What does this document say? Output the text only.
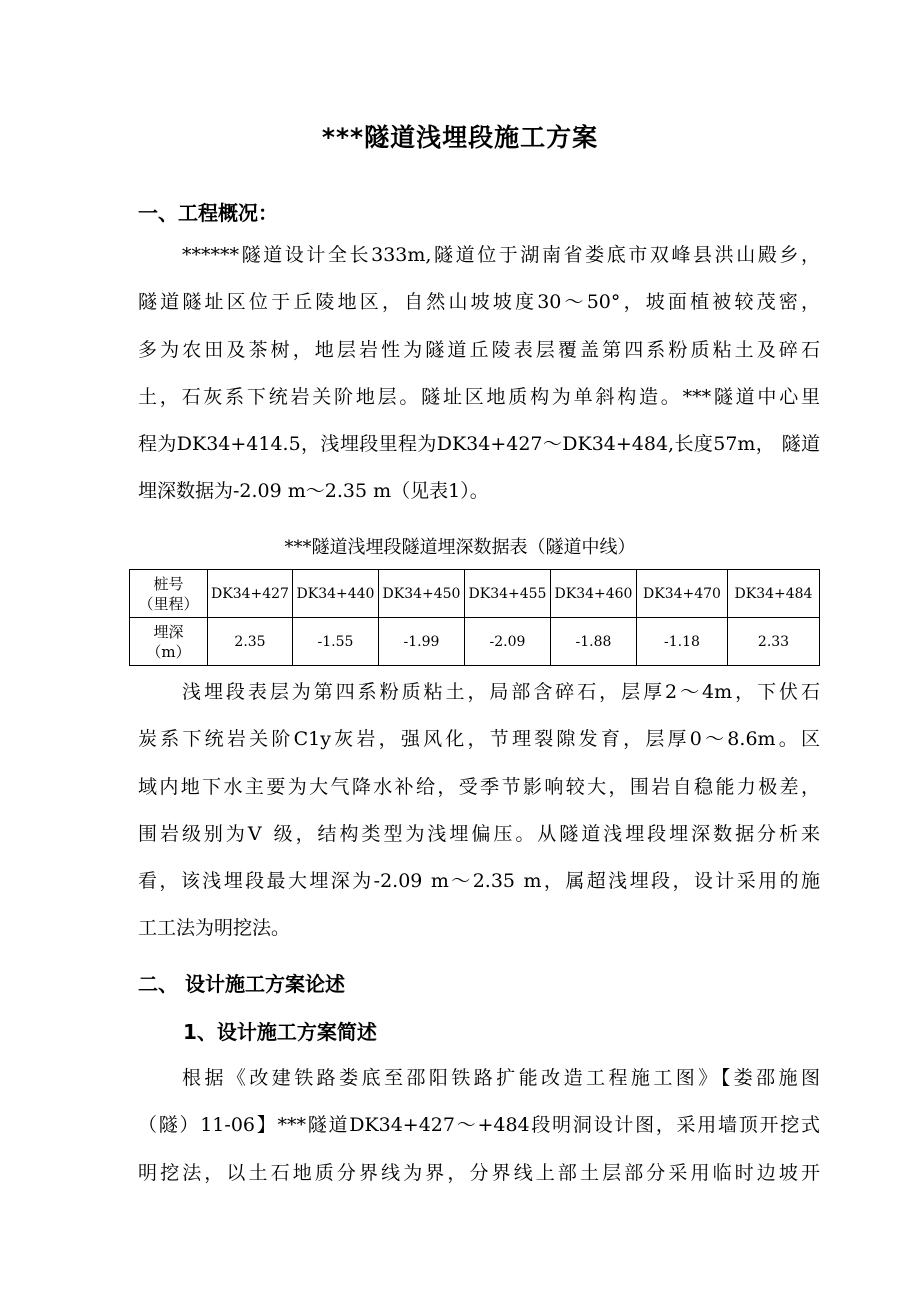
***隧道浅埋段施工方案
一、工程概况：
******隧道设计全长333m,隧道位于湖南省娄底市双峰县洪山殿乡，
隧道隧址区位于丘陵地区，自然山坡坡度30～50°，坡面植被较茂密，
多为农田及茶树，地层岩性为隧道丘陵表层覆盖第四系粉质粘土及碎石
土，石灰系下统岩关阶地层。隧址区地质构为单斜构造。***隧道中心里
程为DK34+414.5，浅埋段里程为DK34+427～DK34+484,长度57m， 隧道
埋深数据为-2.09 m～2.35 m（见表1）。
***隧道浅埋段隧道埋深数据表（隧道中线）
桩号
（里程）	DK34+427	DK34+440	DK34+450	DK34+455	DK34+460	DK34+470	DK34+484

埋深
（m）	2.35	-1.55	-1.99	-2.09	-1.88	-1.18	2.33
浅埋段表层为第四系粉质粘土，局部含碎石，层厚2～4m，下伏石
炭系下统岩关阶C1y灰岩，强风化，节理裂隙发育，层厚0～8.6m。区
域内地下水主要为大气降水补给，受季节影响较大，围岩自稳能力极差，
围岩级别为Ⅴ 级，结构类型为浅埋偏压。从隧道浅埋段埋深数据分析来
看，该浅埋段最大埋深为-2.09 m～2.35 m，属超浅埋段，设计采用的施
工工法为明挖法。
二、 设计施工方案论述
1、设计施工方案简述
根据《改建铁路娄底至邵阳铁路扩能改造工程施工图》【娄邵施图
（隧）11-06】***隧道DK34+427～+484段明洞设计图，采用墙顶开挖式
明挖法，以土石地质分界线为界，分界线上部土层部分采用临时边坡开
